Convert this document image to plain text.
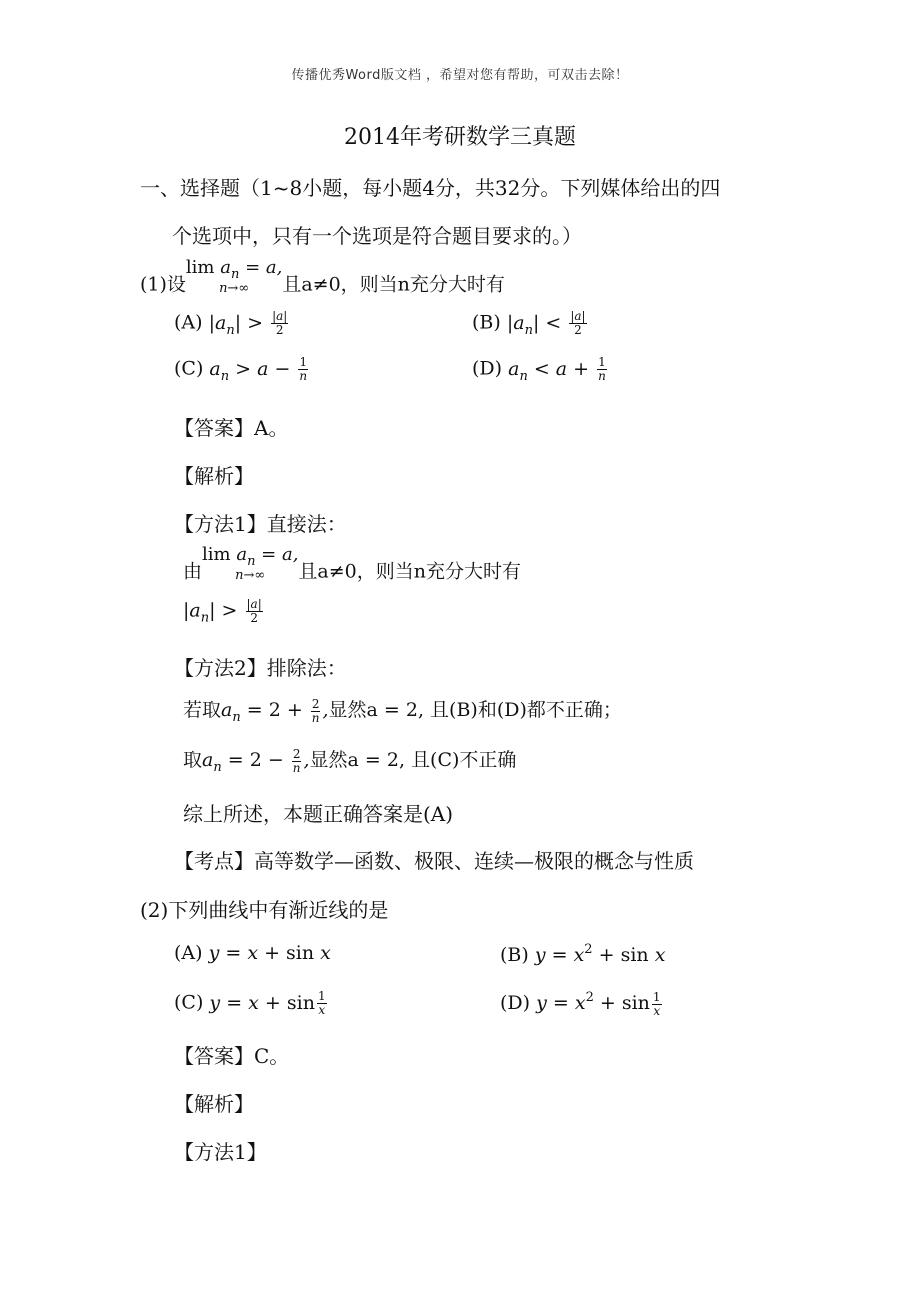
传播优秀Word版文档 ，希望对您有帮助，可双击去除！
2014年考研数学三真题
一、选择题（1~8小题，每小题4分，共32分。下列媒体给出的四
个选项中，只有一个选项是符合题目要求的。）
(1)设
$\lim a_n = a$,
n→∞	且a≠0，则当n充分大时有
(A) $|a_n| > \frac{|a|}{2}$	(B) $|a_n| < \frac{|a|}{2}$
(C) $a_n > a - \frac{1}{n}$	(D) $a_n < a + \frac{1}{n}$
【答案】A。
【解析】
【方法1】直接法：
由
$\lim a_n = a$,
n→∞	且a≠0，则当n充分大时有
$|a_n| > \frac{|a|}{2}$
【方法2】排除法：
若取$a_n = 2 + \frac{2}{n}$ ,显然a = 2, 且(B)和(D)都不正确；
取$a_n = 2 - \frac{2}{n}$ ,显然a = 2, 且(C)不正确
综上所述，本题正确答案是(A)
【考点】高等数学—函数、极限、连续—极限的概念与性质
(2)下列曲线中有渐近线的是
(A) y = x + sin x	(B) $y = x^2 + \sin x$
(C) $y = x + \sin \frac{1}{x}$	(D) $y = x^2 + \sin \frac{1}{x}$
【答案】C。
【解析】
【方法1】
